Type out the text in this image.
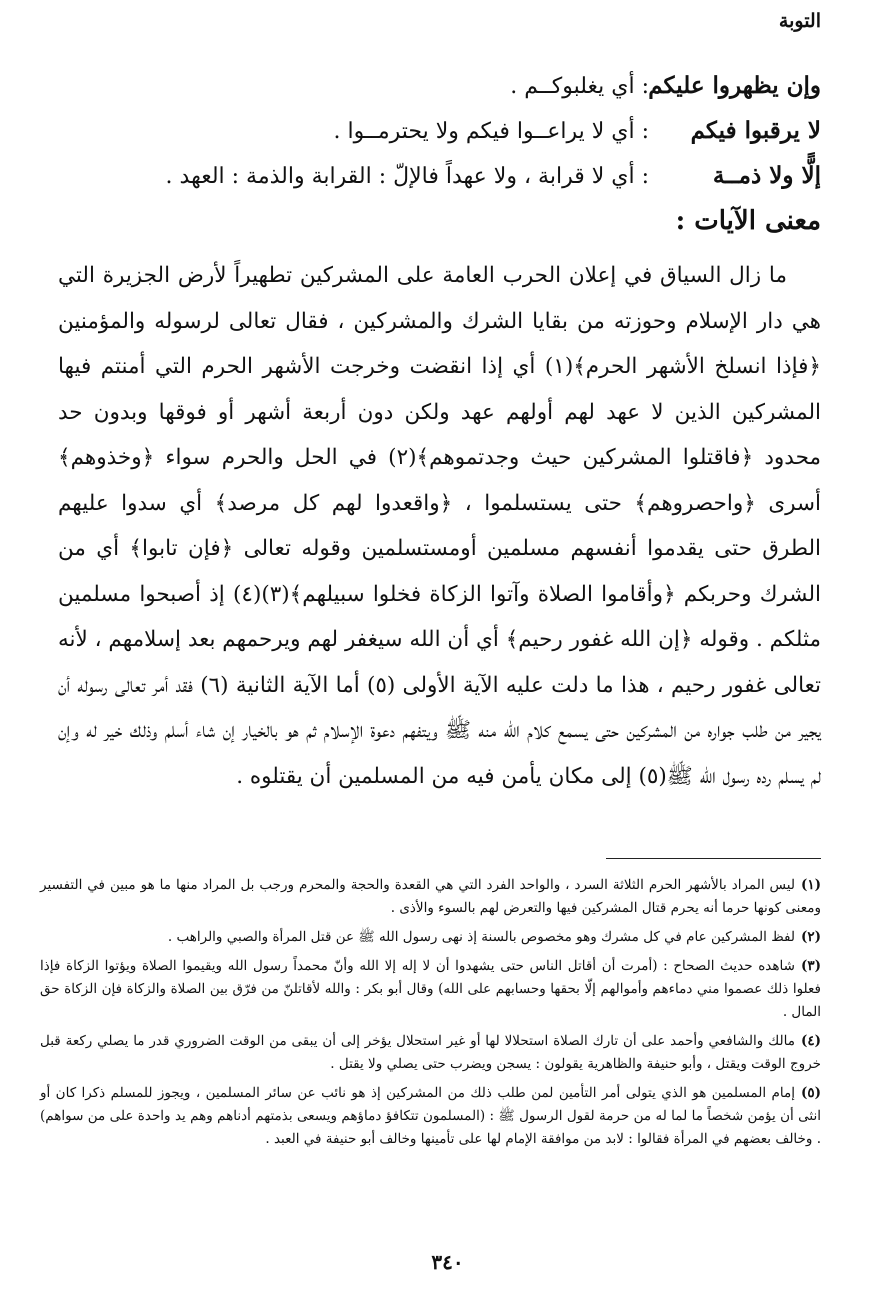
التوبة
وإن يظهروا عليكم
: أي يغلبوكــم .
لا يرقبوا فيكم
: أي لا يراعــوا فيكم ولا يحترمــوا .
إلًّا ولا ذمــة
: أي لا قرابة ، ولا عهداً فالإلّ : القرابة والذمة : العهد .
معنى الآيات :
ما زال السياق في إعلان الحرب العامة على المشركين تطهيراً لأرض الجزيرة التي هي دار الإسلام وحوزته من بقايا الشرك والمشركين ، فقال تعالى لرسوله والمؤمنين ﴿فإذا انسلخ الأشهر الحرم﴾(١) أي إذا انقضت وخرجت الأشهر الحرم التي أمنتم فيها المشركين الذين لا عهد لهم أولهم عهد ولكن دون أربعة أشهر أو فوقها وبدون حد محدود ﴿فاقتلوا المشركين حيث وجدتموهم﴾(٢) في الحل والحرم سواء ﴿وخذوهم﴾ أسرى ﴿واحصروهم﴾ حتى يستسلموا ، ﴿واقعدوا لهم كل مرصد﴾ أي سدوا عليهم الطرق حتى يقدموا أنفسهم مسلمين أومستسلمين وقوله تعالى ﴿فإن تابوا﴾ أي من الشرك وحربكم ﴿وأقاموا الصلاة وآتوا الزكاة فخلوا سبيلهم﴾(٣)(٤) إذ أصبحوا مسلمين مثلكم . وقوله ﴿إن الله غفور رحيم﴾ أي أن الله سيغفر لهم ويرحمهم بعد إسلامهم ، لأنه تعالى غفور رحيم ، هذا ما دلت عليه الآية الأولى (٥) أما الآية الثانية (٦) فقد أمر تعالى رسوله أن يجير من طلب جواره من المشركين حتى يسمع كلام الله منه ﷺ ويتفهم دعوة الإسلام ثم هو بالخيار إن شاء أسلم وذلك خير له وإن لم يسلم رده رسول الله ﷺ(٥) إلى مكان يأمن فيه من المسلمين أن يقتلوه .
(١)ليس المراد بالأشهر الحرم الثلاثة السرد ، والواحد الفرد التي هي القعدة والحجة والمحرم ورجب بل المراد منها ما هو مبين في التفسير ومعنى كونها حرما أنه يحرم قتال المشركين فيها والتعرض لهم بالسوء والأذى .
(٢)لفظ المشركين عام في كل مشرك وهو مخصوص بالسنة إذ نهى رسول الله ﷺ عن قتل المرأة والصبي والراهب .
(٣)شاهده حديث الصحاح : (أمرت أن أقاتل الناس حتى يشهدوا أن لا إله إلا الله وأنّ محمداً رسول الله ويقيموا الصلاة ويؤتوا الزكاة فإذا فعلوا ذلك عصموا مني دماءهم وأموالهم إلّا بحقها وحسابهم على الله) وقال أبو بكر : والله لأقاتلنّ من فرّق بين الصلاة والزكاة فإن الزكاة حق المال .
(٤)مالك والشافعي وأحمد على أن تارك الصلاة استحلالا لها أو غير استحلال يؤخر إلى أن يبقى من الوقت الضروري قدر ما يصلي ركعة قبل خروج الوقت ويقتل ، وأبو حنيفة والظاهرية يقولون : يسجن ويضرب حتى يصلي ولا يقتل .
(٥)إمام المسلمين هو الذي يتولى أمر التأمين لمن طلب ذلك من المشركين إذ هو نائب عن سائر المسلمين ، ويجوز للمسلم ذكرا كان أو انثى أن يؤمن شخصاً ما لما له من حرمة لقول الرسول ﷺ : (المسلمون تتكافؤ دماؤهم ويسعى بذمتهم أدناهم وهم يد واحدة على من سواهم) . وخالف بعضهم في المرأة فقالوا : لابد من موافقة الإمام لها على تأمينها وخالف أبو حنيفة في العبد .
٣٤٠
